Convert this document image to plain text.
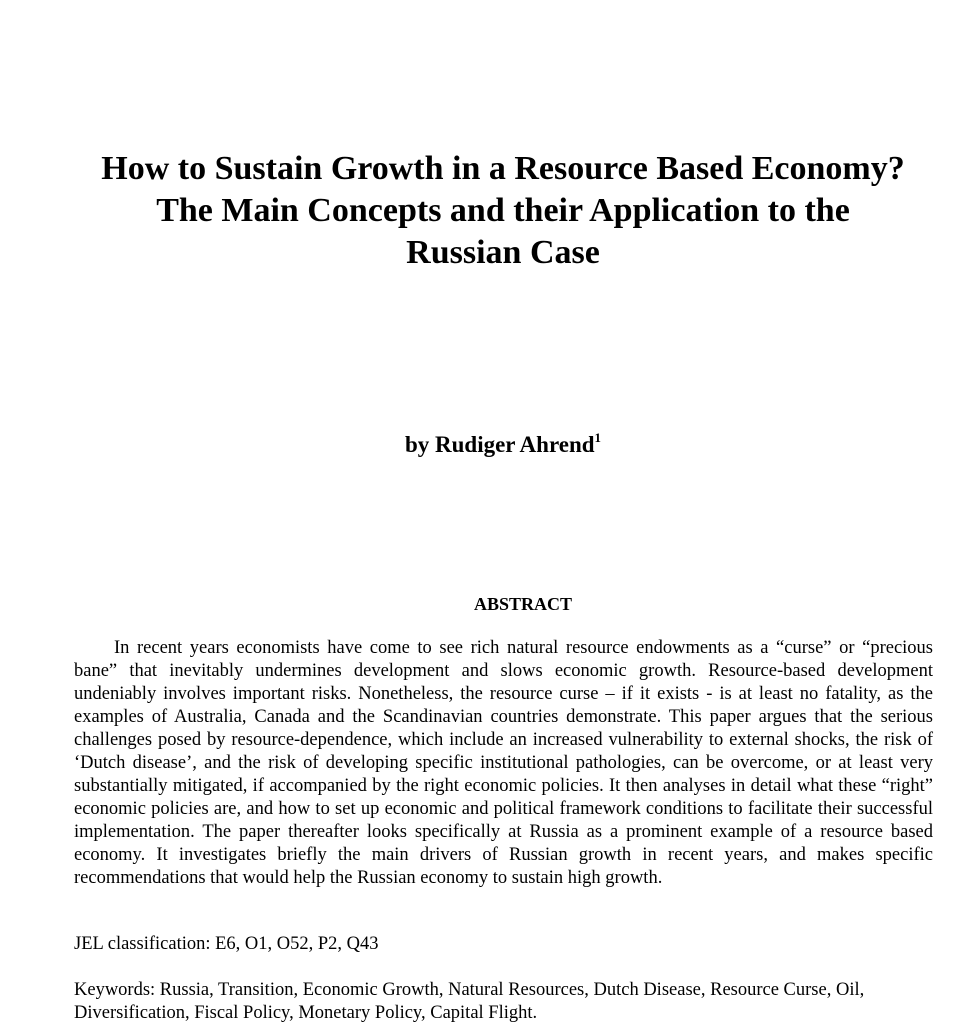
How to Sustain Growth in a Resource Based Economy?
The Main Concepts and their Application to the
Russian Case
by Rudiger Ahrend$^1$
ABSTRACT

In recent years economists have come to see rich natural resource endowments as a “curse” or “precious bane” that inevitably undermines development and slows economic growth. Resource-based development undeniably involves important risks. Nonetheless, the resource curse – if it exists - is at least no fatality, as the examples of Australia, Canada and the Scandinavian countries demonstrate. This paper argues that the serious challenges posed by resource-dependence, which include an increased vulnerability to external shocks, the risk of ‘Dutch disease’, and the risk of developing specific institutional pathologies, can be overcome, or at least very substantially mitigated, if accompanied by the right economic policies. It then analyses in detail what these “right” economic policies are, and how to set up economic and political framework conditions to facilitate their successful implementation. The paper thereafter looks specifically at Russia as a prominent example of a resource based economy. It investigates briefly the main drivers of Russian growth in recent years, and makes specific recommendations that would help the Russian economy to sustain high growth.

JEL classification: E6, O1, O52, P2, Q43

Keywords: Russia, Transition, Economic Growth, Natural Resources, Dutch Disease, Resource Curse, Oil, Diversification, Fiscal Policy, Monetary Policy, Capital Flight.
